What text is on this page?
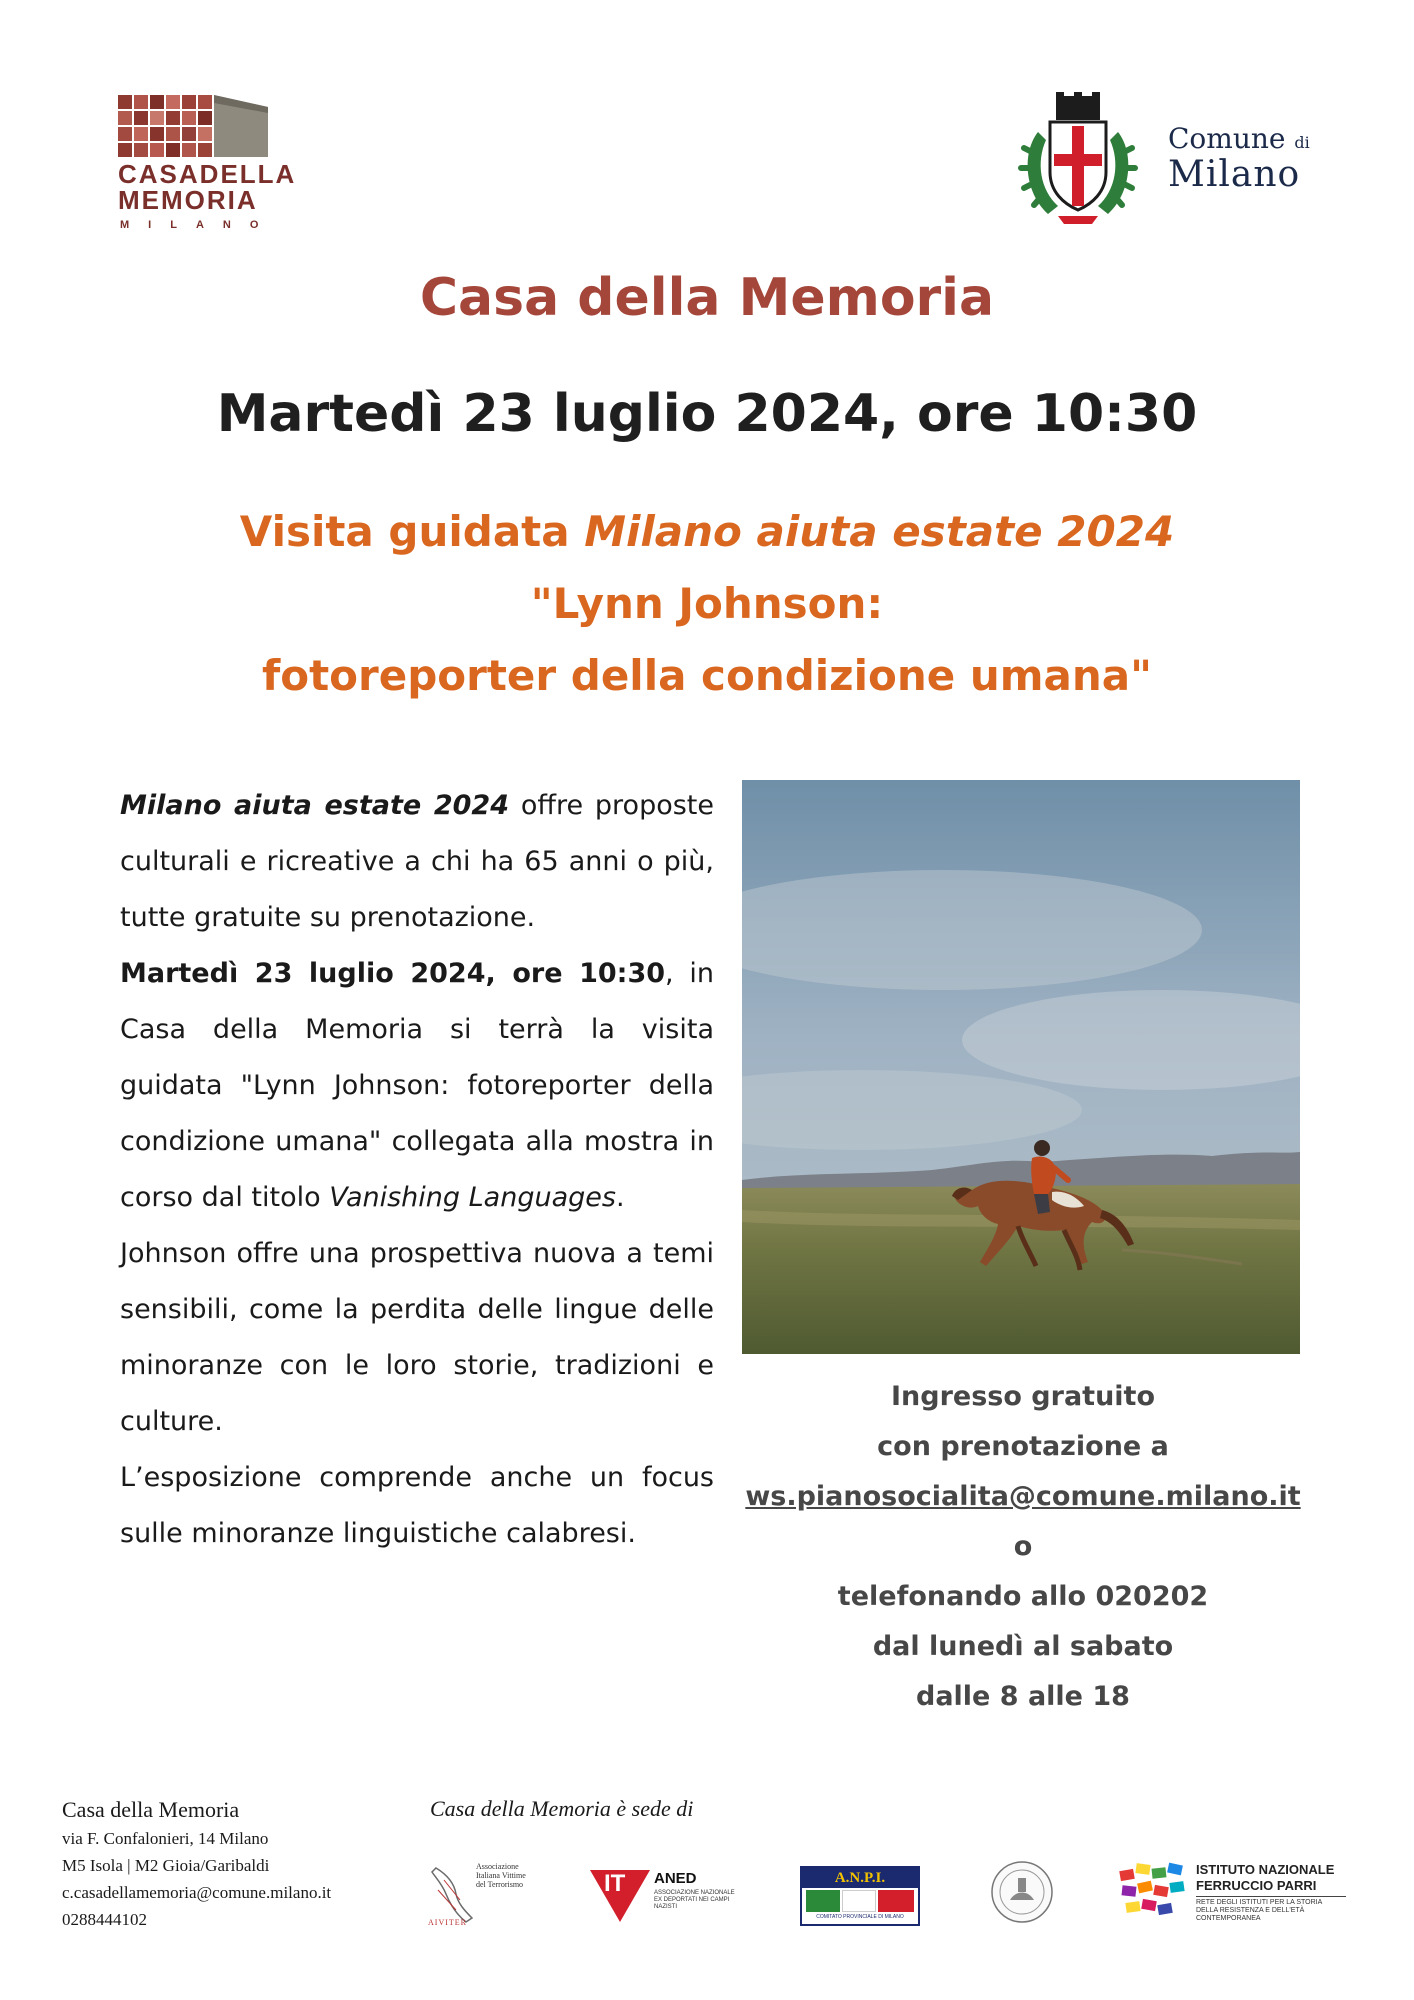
CASADELLA
MEMORIA
MILANO
Comune di
Milano
Casa della Memoria
Martedì 23 luglio 2024, ore 10:30
Visita guidata Milano aiuta estate 2024
"Lynn Johnson:
fotoreporter della condizione umana"

Milano aiuta estate 2024 offre proposte culturali e ricreative a chi ha 65 anni o più, tutte gratuite su prenotazione.

Martedì 23 luglio 2024, ore 10:30, in Casa della Memoria si terrà la visita guidata "Lynn Johnson: fotoreporter della condizione umana" collegata alla mostra in corso dal titolo Vanishing Languages.

Johnson offre una prospettiva nuova a temi sensibili, come la perdita delle lingue delle minoranze con le loro storie, tradizioni e culture.

L’esposizione comprende anche un focus sulle minoranze linguistiche calabresi.

Ingresso gratuito
con prenotazione a
ws.pianosocialita@comune.milano.it
o
telefonando allo 020202
dal lunedì al sabato
dalle 8 alle 18
Casa della Memoria
via F. Confalonieri, 14 Milano
M5 Isola | M2 Gioia/Garibaldi
c.casadellamemoria@comune.milano.it
0288444102
Casa della Memoria è sede di
Associazione Italiana Vittime del Terrorismo
AIVITER
IT ANED
ASSOCIAZIONE NAZIONALE EX DEPORTATI NEI CAMPI NAZISTI
A.N.P.I.
COMITATO PROVINCIALE DI MILANO
ISTITUTO NAZIONALE
FERRUCCIO PARRI
RETE DEGLI ISTITUTI PER LA STORIA DELLA RESISTENZA E DELL'ETÀ CONTEMPORANEA
